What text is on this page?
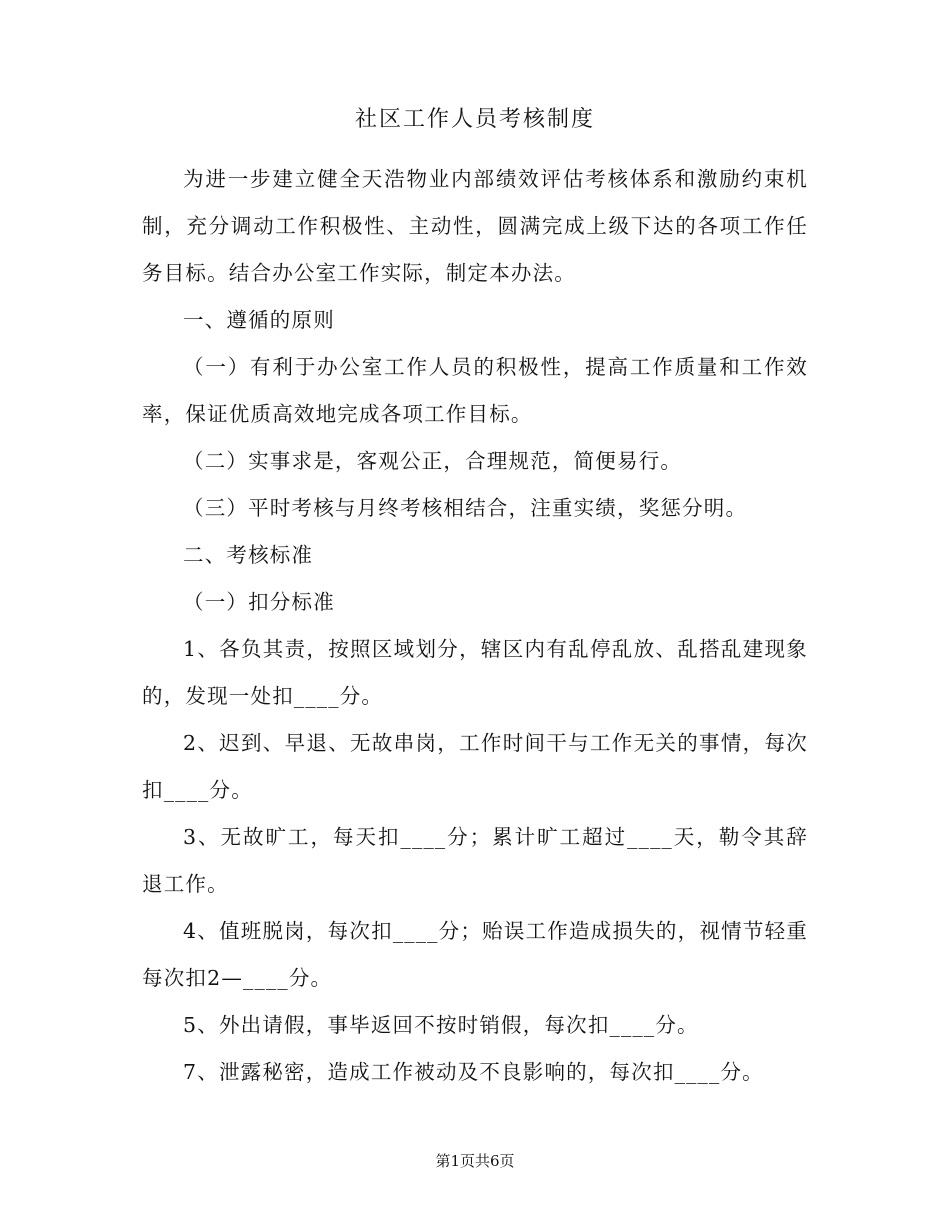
社区工作人员考核制度

为进一步建立健全天浩物业内部绩效评估考核体系和激励约束机制，充分调动工作积极性、主动性，圆满完成上级下达的各项工作任务目标。结合办公室工作实际，制定本办法。

一、遵循的原则

（一）有利于办公室工作人员的积极性，提高工作质量和工作效率，保证优质高效地完成各项工作目标。

（二）实事求是，客观公正，合理规范，简便易行。

（三）平时考核与月终考核相结合，注重实绩，奖惩分明。

二、考核标准

（一）扣分标准

1、各负其责，按照区域划分，辖区内有乱停乱放、乱搭乱建现象的，发现一处扣____分。

2、迟到、早退、无故串岗，工作时间干与工作无关的事情，每次扣____分。

3、无故旷工，每天扣____分；累计旷工超过____天，勒令其辞退工作。

4、值班脱岗，每次扣____分；贻误工作造成损失的，视情节轻重每次扣2—____分。

5、外出请假，事毕返回不按时销假，每次扣____分。

7、泄露秘密，造成工作被动及不良影响的，每次扣____分。

第1页共6页
